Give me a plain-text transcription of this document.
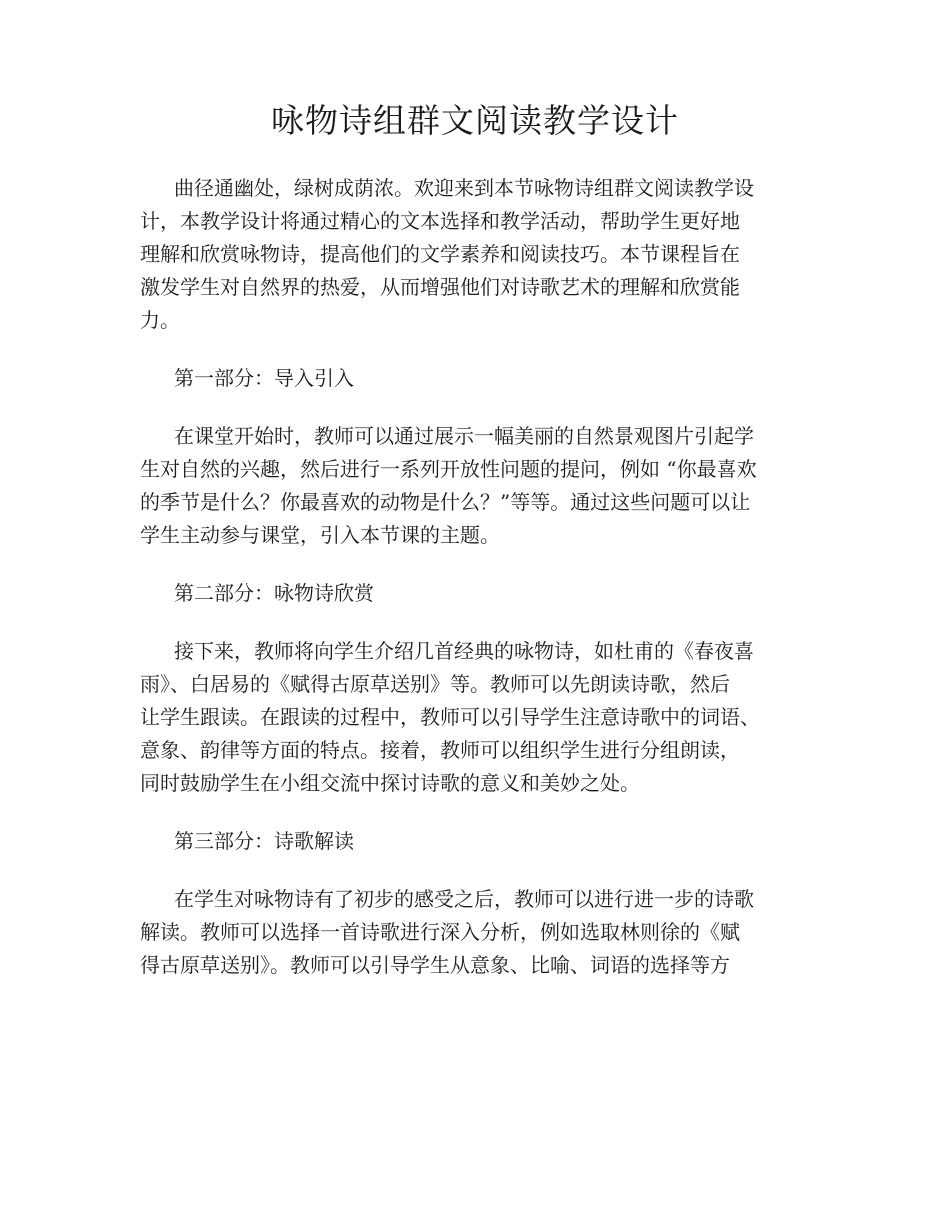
咏物诗组群文阅读教学设计

曲径通幽处，绿树成荫浓。欢迎来到本节咏物诗组群文阅读教学设
计，本教学设计将通过精心的文本选择和教学活动，帮助学生更好地
理解和欣赏咏物诗，提高他们的文学素养和阅读技巧。本节课程旨在
激发学生对自然界的热爱，从而增强他们对诗歌艺术的理解和欣赏能
力。

第一部分：导入引入

在课堂开始时，教师可以通过展示一幅美丽的自然景观图片引起学
生对自然的兴趣，然后进行一系列开放性问题的提问，例如 “你最喜欢
的季节是什么？你最喜欢的动物是什么？”等等。通过这些问题可以让
学生主动参与课堂，引入本节课的主题。

第二部分：咏物诗欣赏

接下来，教师将向学生介绍几首经典的咏物诗，如杜甫的《春夜喜
雨》、白居易的《赋得古原草送别》等。教师可以先朗读诗歌，然后
让学生跟读。在跟读的过程中，教师可以引导学生注意诗歌中的词语、
意象、韵律等方面的特点。接着，教师可以组织学生进行分组朗读，
同时鼓励学生在小组交流中探讨诗歌的意义和美妙之处。

第三部分：诗歌解读

在学生对咏物诗有了初步的感受之后，教师可以进行进一步的诗歌
解读。教师可以选择一首诗歌进行深入分析，例如选取林则徐的《赋
得古原草送别》。教师可以引导学生从意象、比喻、词语的选择等方
